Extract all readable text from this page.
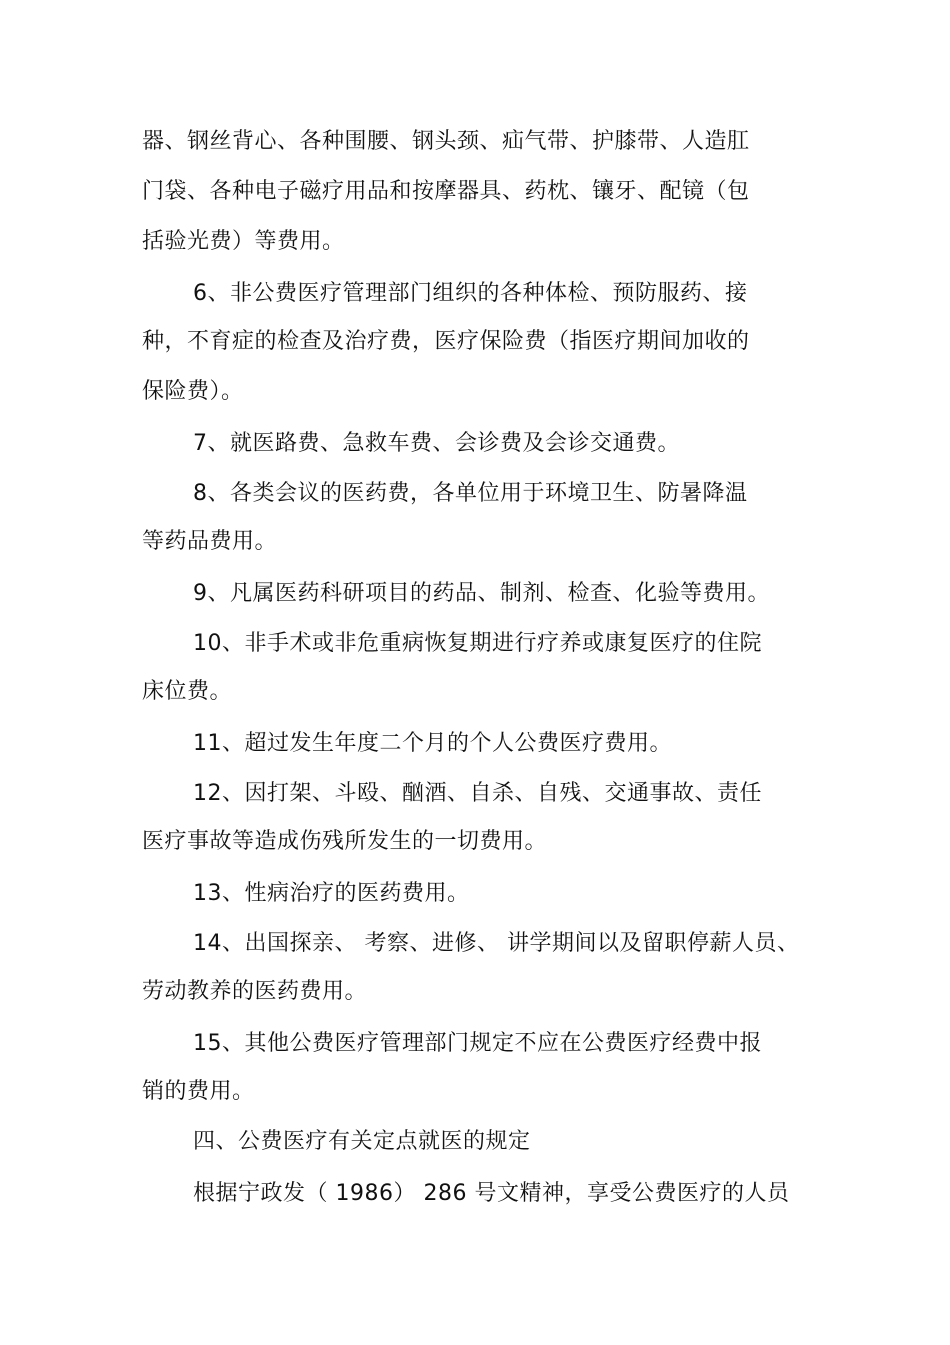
器、钢丝背心、各种围腰、钢头颈、疝气带、护膝带、人造肛
门袋、各种电子磁疗用品和按摩器具、药枕、镶牙、配镜（包
括验光费）等费用。
6、非公费医疗管理部门组织的各种体检、预防服药、接
种，不育症的检查及治疗费，医疗保险费（指医疗期间加收的
保险费）。
7、就医路费、急救车费、会诊费及会诊交通费。
8、各类会议的医药费，各单位用于环境卫生、防暑降温
等药品费用。
9、凡属医药科研项目的药品、制剂、检查、化验等费用。
10、非手术或非危重病恢复期进行疗养或康复医疗的住院
床位费。
11、超过发生年度二个月的个人公费医疗费用。
12、因打架、斗殴、酗酒、自杀、自残、交通事故、责任
医疗事故等造成伤残所发生的一切费用。
13、性病治疗的医药费用。
14、出国探亲、 考察、进修、 讲学期间以及留职停薪人员、
劳动教养的医药费用。
15、其他公费医疗管理部门规定不应在公费医疗经费中报
销的费用。
四、公费医疗有关定点就医的规定
根据宁政发（ 1986） 286 号文精神，享受公费医疗的人员
